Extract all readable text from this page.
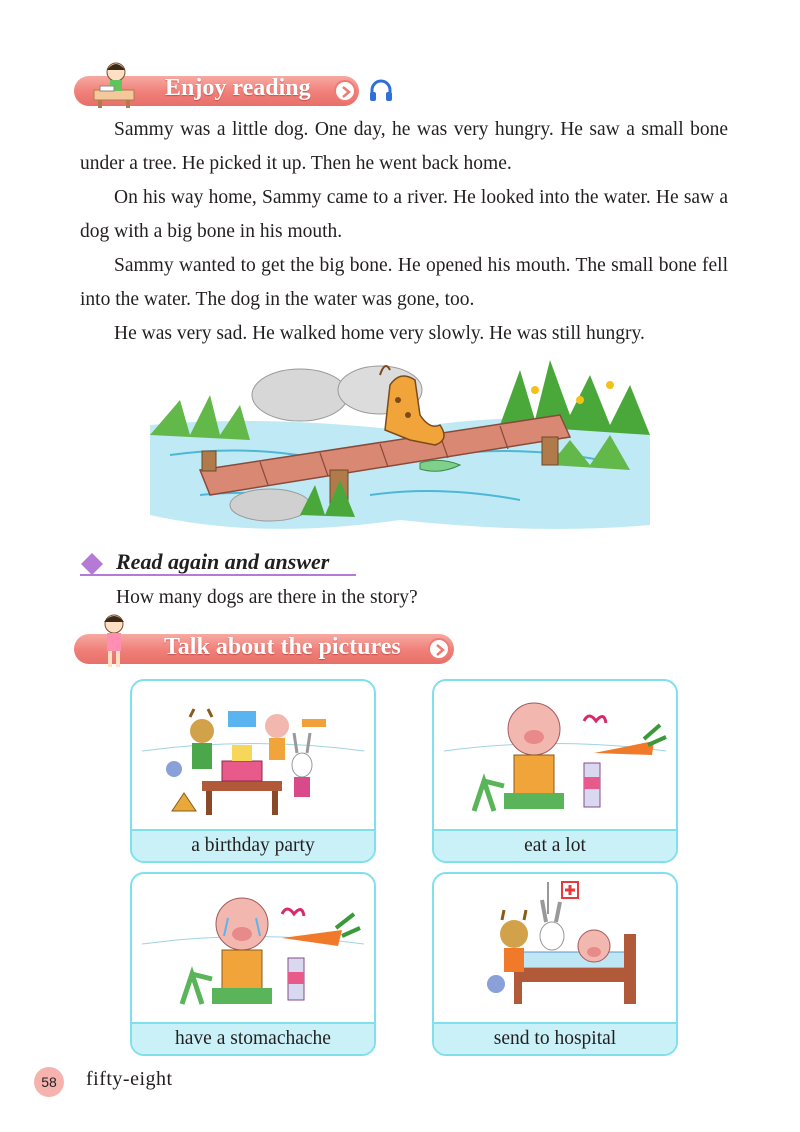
Enjoy reading

Sammy was a little dog. One day, he was very hungry. He saw a small bone under a tree. He picked it up. Then he went back home.

On his way home, Sammy came to a river. He looked into the water. He saw a dog with a big bone in his mouth.

Sammy wanted to get the big bone. He opened his mouth. The small bone fell into the water. The dog in the water was gone, too.

He was very sad. He walked home very slowly. He was still hungry.

Read again and answer
How many dogs are there in the story?
Talk about the pictures
a birthday party	eat a lot
have a stomachache	send to hospital
58	fifty-eight
